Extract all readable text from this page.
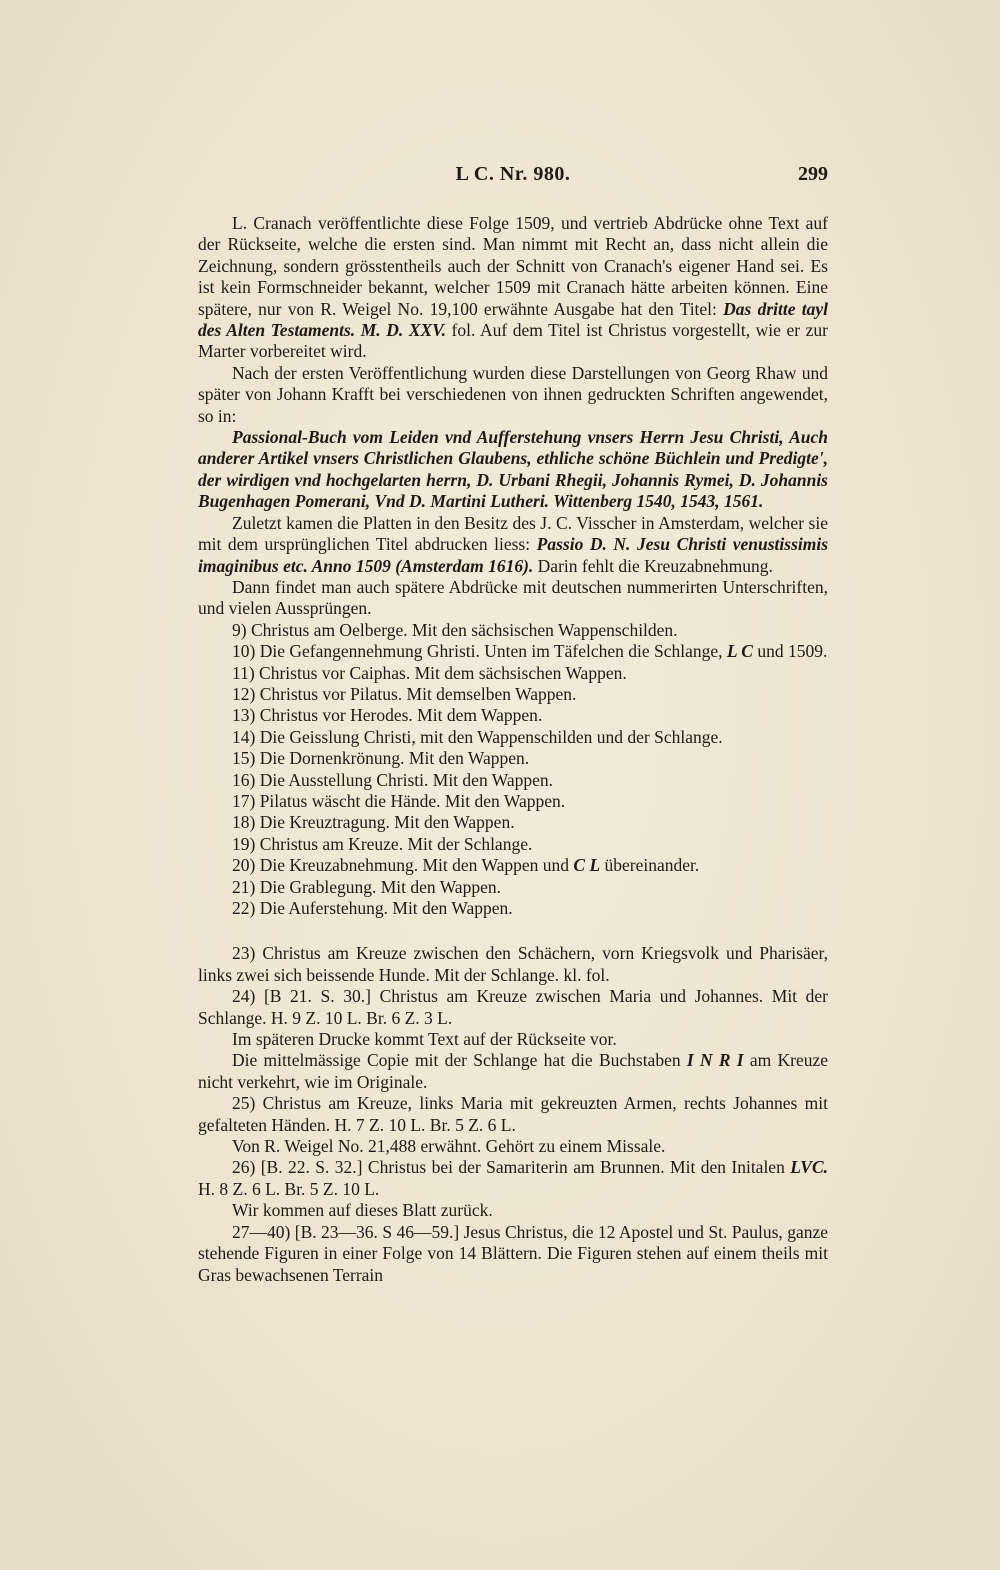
L C. Nr. 980.	299

L. Cranach veröffentlichte diese Folge 1509, und vertrieb Abdrücke ohne Text auf der Rückseite, welche die ersten sind. Man nimmt mit Recht an, dass nicht allein die Zeichnung, sondern grösstentheils auch der Schnitt von Cranach's eigener Hand sei. Es ist kein Formschneider bekannt, welcher 1509 mit Cranach hätte arbeiten können. Eine spätere, nur von R. Weigel No. 19,100 erwähnte Ausgabe hat den Titel: Das dritte tayl des Alten Testaments. M. D. XXV. fol. Auf dem Titel ist Christus vorgestellt, wie er zur Marter vorbereitet wird.

Nach der ersten Veröffentlichung wurden diese Darstellungen von Georg Rhaw und später von Johann Krafft bei verschiedenen von ihnen gedruckten Schriften angewendet, so in:

Passional-Buch vom Leiden vnd Aufferstehung vnsers Herrn Jesu Christi, Auch anderer Artikel vnsers Christlichen Glaubens, ethliche schöne Büchlein und Predigte', der wirdigen vnd hochgelarten herrn, D. Urbani Rhegii, Johannis Rymei, D. Johannis Bugenhagen Pomerani, Vnd D. Martini Lutheri. Wittenberg 1540, 1543, 1561.

Zuletzt kamen die Platten in den Besitz des J. C. Visscher in Amsterdam, welcher sie mit dem ursprünglichen Titel abdrucken liess: Passio D. N. Jesu Christi venustissimis imaginibus etc. Anno 1509 (Amsterdam 1616). Darin fehlt die Kreuzabnehmung.

Dann findet man auch spätere Abdrücke mit deutschen nummerirten Unterschriften, und vielen Aussprüngen.

9) Christus am Oelberge. Mit den sächsischen Wappenschilden.

10) Die Gefangennehmung Ghristi. Unten im Täfelchen die Schlange, L C und 1509.

11) Christus vor Caiphas. Mit dem sächsischen Wappen.

12) Christus vor Pilatus. Mit demselben Wappen.

13) Christus vor Herodes. Mit dem Wappen.

14) Die Geisslung Christi, mit den Wappenschilden und der Schlange.

15) Die Dornenkrönung. Mit den Wappen.

16) Die Ausstellung Christi. Mit den Wappen.

17) Pilatus wäscht die Hände. Mit den Wappen.

18) Die Kreuztragung. Mit den Wappen.

19) Christus am Kreuze. Mit der Schlange.

20) Die Kreuzabnehmung. Mit den Wappen und C L übereinander.

21) Die Grablegung. Mit den Wappen.

22) Die Auferstehung. Mit den Wappen.

23) Christus am Kreuze zwischen den Schächern, vorn Kriegsvolk und Pharisäer, links zwei sich beissende Hunde. Mit der Schlange. kl. fol.

24) [B 21. S. 30.] Christus am Kreuze zwischen Maria und Johannes. Mit der Schlange. H. 9 Z. 10 L. Br. 6 Z. 3 L.

Im späteren Drucke kommt Text auf der Rückseite vor.

Die mittelmässige Copie mit der Schlange hat die Buchstaben I N R I am Kreuze nicht verkehrt, wie im Originale.

25) Christus am Kreuze, links Maria mit gekreuzten Armen, rechts Johannes mit gefalteten Händen. H. 7 Z. 10 L. Br. 5 Z. 6 L.

Von R. Weigel No. 21,488 erwähnt. Gehört zu einem Missale.

26) [B. 22. S. 32.] Christus bei der Samariterin am Brunnen. Mit den Initalen LVC. H. 8 Z. 6 L. Br. 5 Z. 10 L.

Wir kommen auf dieses Blatt zurück.

27—40) [B. 23—36. S 46—59.] Jesus Christus, die 12 Apostel und St. Paulus, ganze stehende Figuren in einer Folge von 14 Blättern. Die Figuren stehen auf einem theils mit Gras bewachsenen Terrain
